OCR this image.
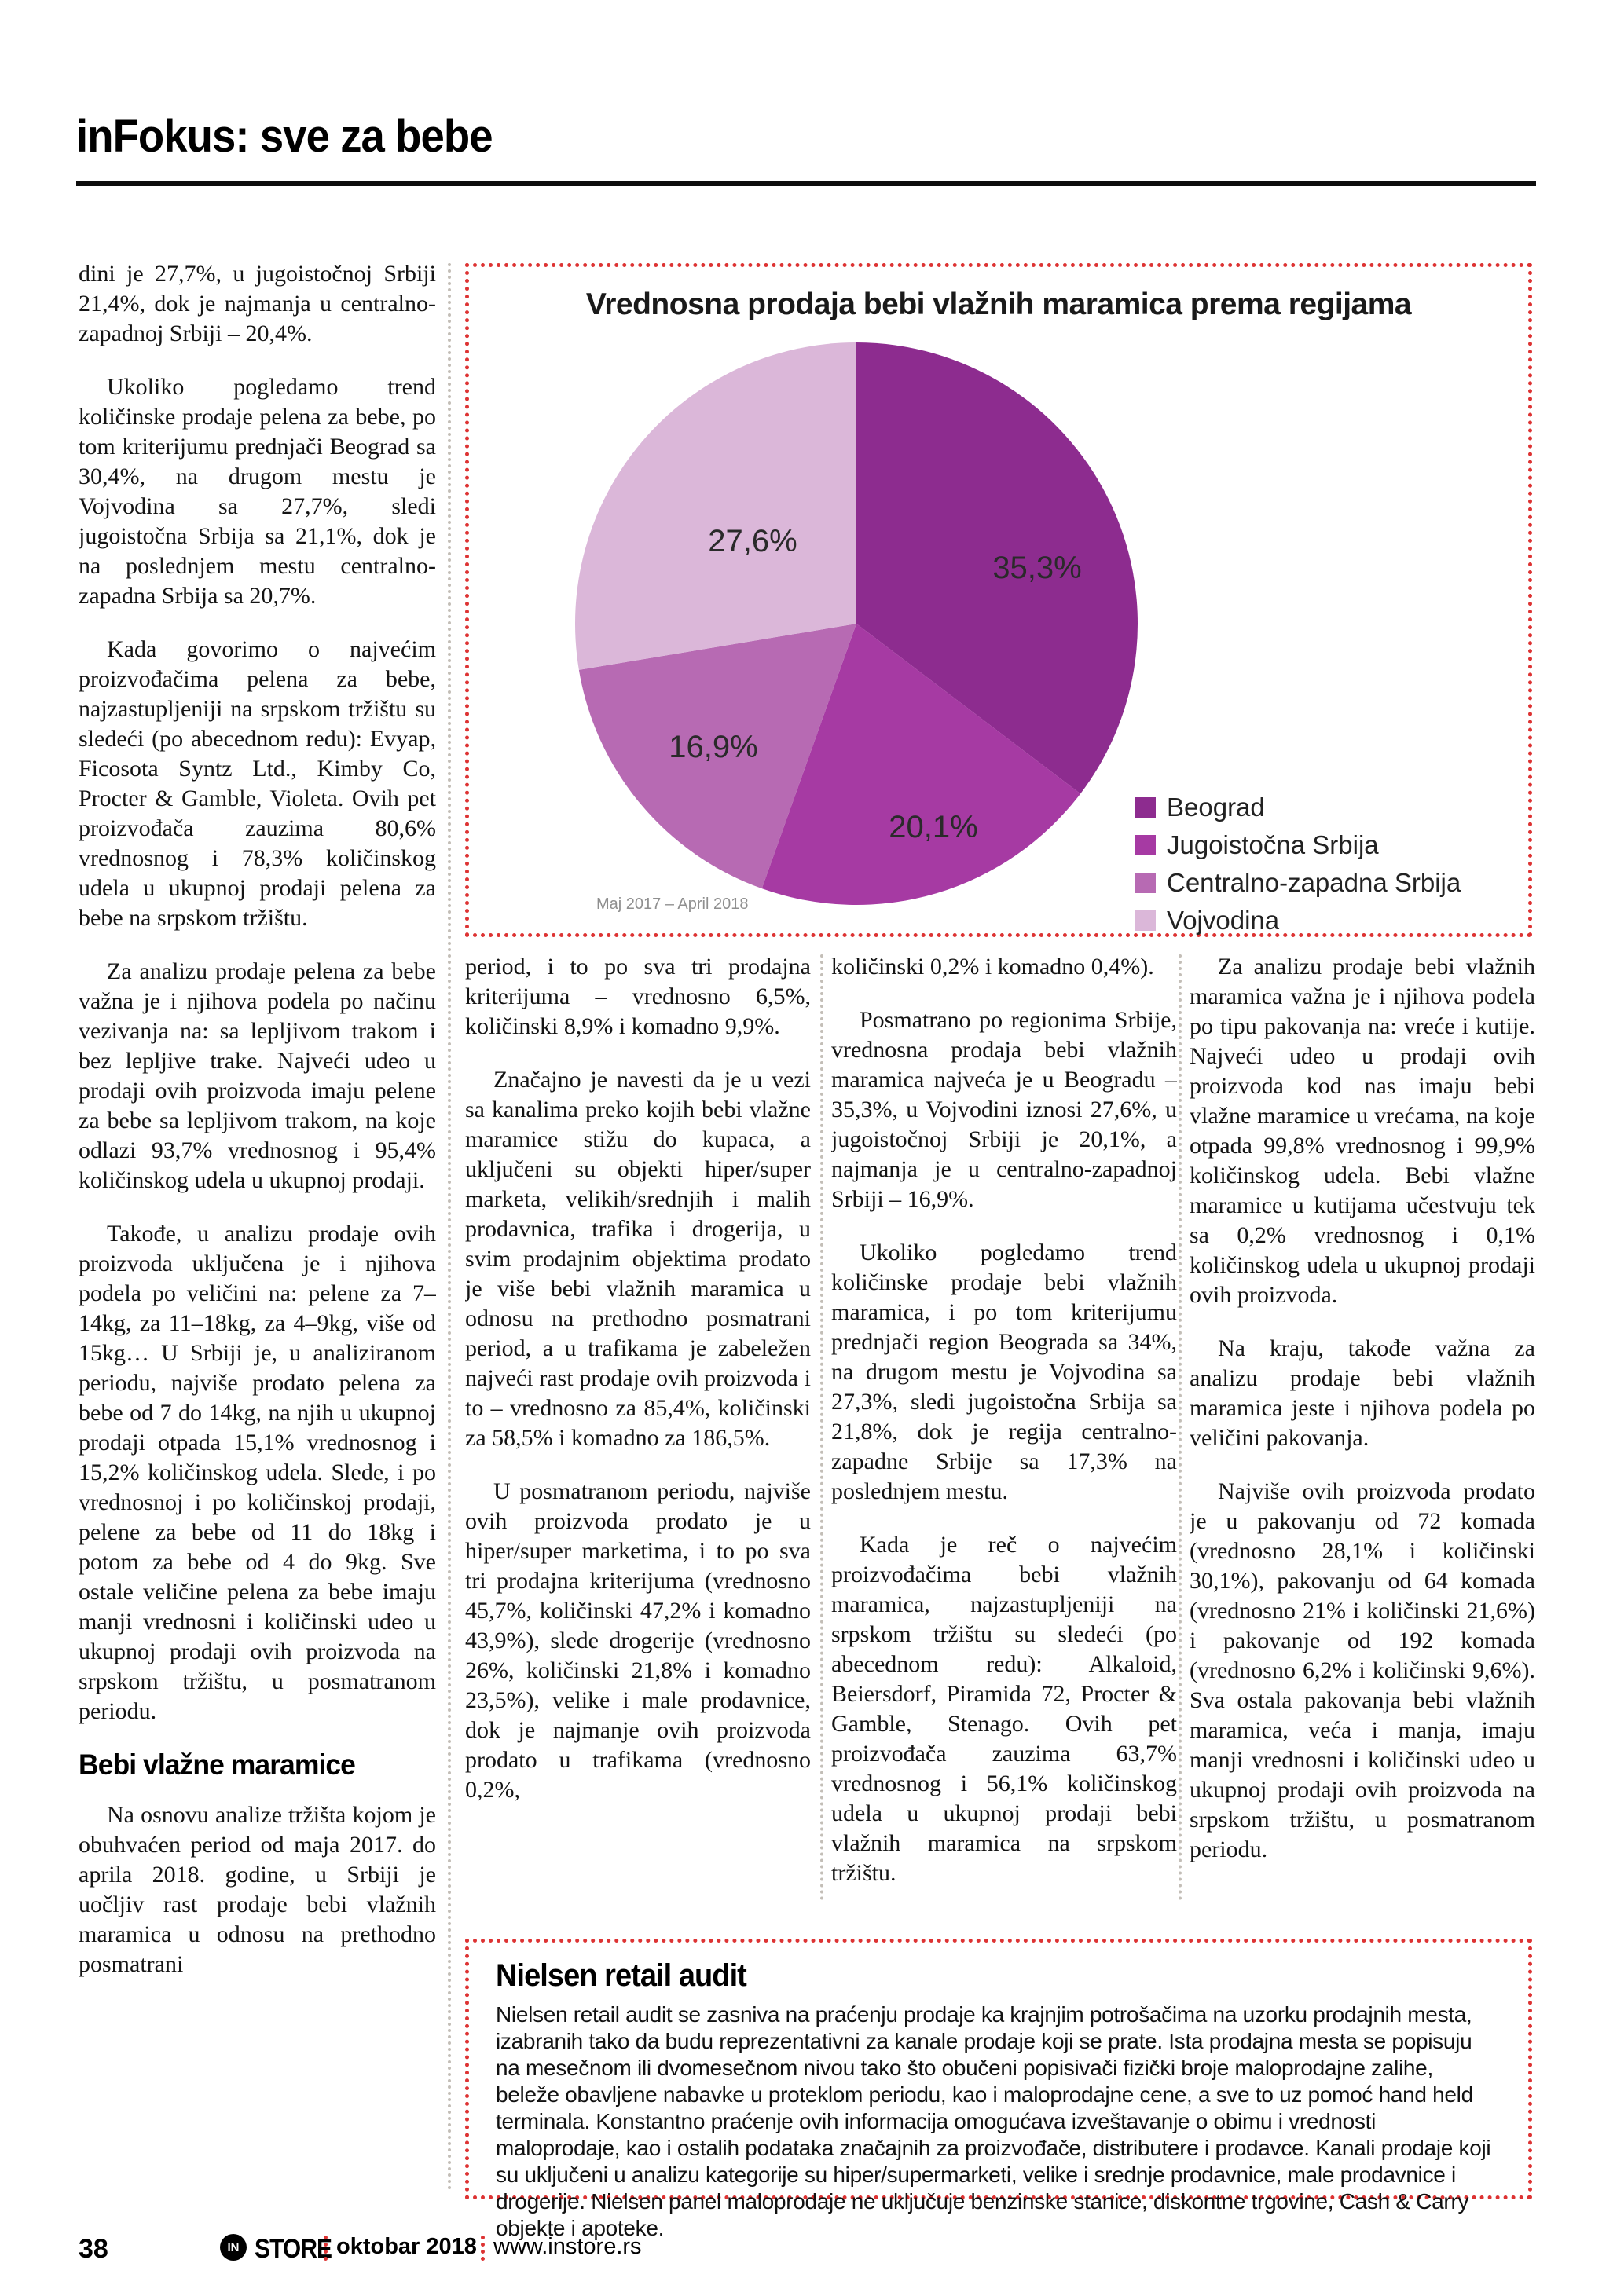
inFokus: sve za bebe
Vrednosna prodaja bebi vlažnih maramica prema regijama
35,3%
20,1%
16,9%
27,6%
Beograd
Jugoistočna Srbija
Centralno-zapadna Srbija
Vojvodina
Maj 2017 – April 2018

dini je 27,7%, u jugoistočnoj Srbiji 21,4%, dok je najmanja u centralno-zapadnoj Srbiji – 20,4%.

Ukoliko pogledamo trend količinske prodaje pelena za bebe, po tom kriterijumu prednjači Beograd sa 30,4%, na drugom mestu je Vojvodina sa 27,7%, sledi jugoistočna Srbija sa 21,1%, dok je na poslednjem mestu centralno-zapadna Srbija sa 20,7%.

Kada govorimo o najvećim proizvođačima pelena za bebe, najzastupljeniji na srpskom tržištu su sledeći (po abecednom redu): Evyap, Ficosota Syntz Ltd., Kimby Co, Procter & Gamble, Violeta. Ovih pet proizvođača zauzima 80,6% vrednosnog i 78,3% količinskog udela u ukupnoj prodaji pelena za bebe na srpskom tržištu.

Za analizu prodaje pelena za bebe važna je i njihova podela po načinu vezivanja na: sa lepljivom trakom i bez lepljive trake. Najveći udeo u prodaji ovih proizvoda imaju pelene za bebe sa lepljivom trakom, na koje odlazi 93,7% vrednosnog i 95,4% količinskog udela u ukupnoj prodaji.

Takođe, u analizu prodaje ovih proizvoda uključena je i njihova podela po veličini na: pelene za 7–14kg, za 11–18kg, za 4–9kg, više od 15kg… U Srbiji je, u analiziranom periodu, najviše prodato pelena za bebe od 7 do 14kg, na njih u ukupnoj prodaji otpada 15,1% vrednosnog i 15,2% količinskog udela. Slede, i po vrednosnoj i po količinskoj prodaji, pelene za bebe od 11 do 18kg i potom za bebe od 4 do 9kg. Sve ostale veličine pelena za bebe imaju manji vrednosni i količinski udeo u ukupnoj prodaji ovih proizvoda na srpskom tržištu, u posmatranom periodu.

Bebi vlažne maramice

Na osnovu analize tržišta kojom je obuhvaćen period od maja 2017. do aprila 2018. godine, u Srbiji je uočljiv rast prodaje bebi vlažnih maramica u odnosu na prethodno posmatrani

period, i to po sva tri prodajna kriterijuma – vrednosno 6,5%, količinski 8,9% i komadno 9,9%.

Značajno je navesti da je u vezi sa kanalima preko kojih bebi vlažne maramice stižu do kupaca, a uključeni su objekti hiper/super marketa, velikih/srednjih i malih prodavnica, trafika i drogerija, u svim prodajnim objektima prodato je više bebi vlažnih maramica u odnosu na prethodno posmatrani period, a u trafikama je zabeležen najveći rast prodaje ovih proizvoda i to – vrednosno za 85,4%, količinski za 58,5% i komadno za 186,5%.

U posmatranom periodu, najviše ovih proizvoda prodato je u hiper/super marketima, i to po sva tri prodajna kriterijuma (vrednosno 45,7%, količinski 47,2% i komadno 43,9%), slede drogerije (vrednosno 26%, količinski 21,8% i komadno 23,5%), velike i male prodavnice, dok je najmanje ovih proizvoda prodato u trafikama (vrednosno 0,2%,

količinski 0,2% i komadno 0,4%).

Posmatrano po regionima Srbije, vrednosna prodaja bebi vlažnih maramica najveća je u Beogradu – 35,3%, u Vojvodini iznosi 27,6%, u jugoistočnoj Srbiji je 20,1%, a najmanja je u centralno-zapadnoj Srbiji – 16,9%.

Ukoliko pogledamo trend količinske prodaje bebi vlažnih maramica, i po tom kriterijumu prednjači region Beograda sa 34%, na drugom mestu je Vojvodina sa 27,3%, sledi jugoistočna Srbija sa 21,8%, dok je regija centralno-zapadne Srbije sa 17,3% na poslednjem mestu.

Kada je reč o najvećim proizvođačima bebi vlažnih maramica, najzastupljeniji na srpskom tržištu su sledeći (po abecednom redu): Alkaloid, Beiersdorf, Piramida 72, Procter & Gamble, Stenago. Ovih pet proizvođača zauzima 63,7% vrednosnog i 56,1% količinskog udela u ukupnoj prodaji bebi vlažnih maramica na srpskom tržištu.

Za analizu prodaje bebi vlažnih maramica važna je i njihova podela po tipu pakovanja na: vreće i kutije. Najveći udeo u prodaji ovih proizvoda kod nas imaju bebi vlažne maramice u vrećama, na koje otpada 99,8% vrednosnog i 99,9% količinskog udela. Bebi vlažne maramice u kutijama učestvuju tek sa 0,2% vrednosnog i 0,1% količinskog udela u ukupnoj prodaji ovih proizvoda.

Na kraju, takođe važna za analizu prodaje bebi vlažnih maramica jeste i njihova podela po veličini pakovanja.

Najviše ovih proizvoda prodato je u pakovanju od 72 komada (vrednosno 28,1% i količinski 30,1%), pakovanju od 64 komada (vrednosno 21% i količinski 21,6%) i pakovanje od 192 komada (vrednosno 6,2% i količinski 9,6%). Sva ostala pakovanja bebi vlažnih maramica, veća i manja, imaju manji vrednosni i količinski udeo u ukupnoj prodaji ovih proizvoda na srpskom tržištu, u posmatranom periodu.

Nielsen retail audit
Nielsen retail audit se zasniva na praćenju prodaje ka krajnjim potrošačima na uzorku prodajnih mesta, izabranih tako da budu reprezentativni za kanale prodaje koji se prate. Ista prodajna mesta se popisuju na mesečnom ili dvomesečnom nivou tako što obučeni popisivači fizički broje maloprodajne zalihe, beleže obavljene nabavke u proteklom periodu, kao i maloprodajne cene, a sve to uz pomoć hand held terminala. Konstantno praćenje ovih informacija omogućava izveštavanje o obimu i vrednosti maloprodaje, kao i ostalih podataka značajnih za proizvođače, distributere i prodavce. Kanali prodaje koji su uključeni u analizu kategorije su hiper/supermarketi, velike i srednje prodavnice, male prodavnice i drogerije. Nielsen panel maloprodaje ne uključuje benzinske stanice, diskontne trgovine, Cash & Carry objekte i apoteke.
38	IN STORE oktobar 2018 www.instore.rs
